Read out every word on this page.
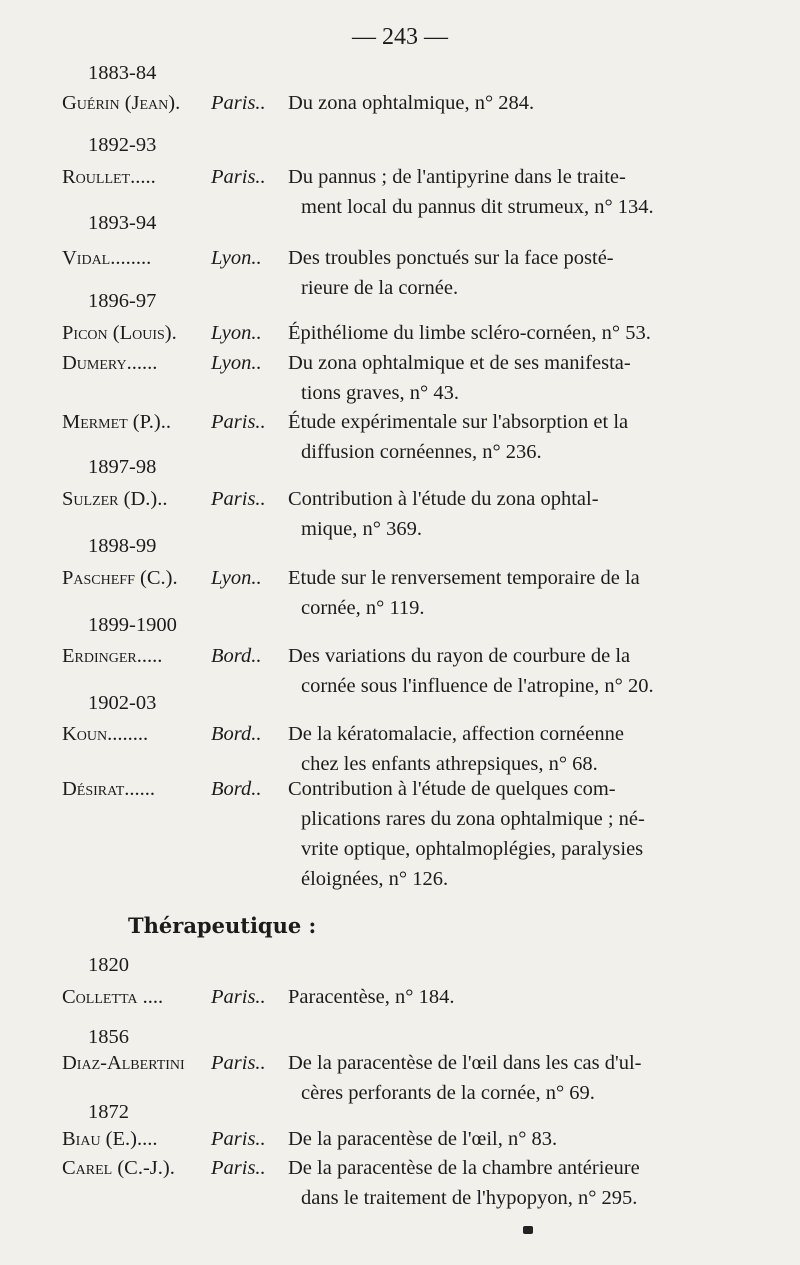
— 243 —
1883-84
Guérin (Jean). Paris.. Du zona ophtalmique, n° 284.
1892-93
Roullet.....	Paris.. Du pannus ; de l'antipyrine dans le traite-
ment local du pannus dit strumeux, n° 134.
1893-94
Vidal........	Lyon.. Des troubles ponctués sur la face posté-
rieure de la cornée.
1896-97
Picon (Louis). Lyon.. Épithéliome du limbe scléro-cornéen, n° 53.
Dumery......	Lyon.. Du zona ophtalmique et de ses manifesta-
tions graves, n° 43.
Mermet (P.).. Paris.. Étude expérimentale sur l'absorption et la
diffusion cornéennes, n° 236.
1897-98
Sulzer (D.).. Paris.. Contribution à l'étude du zona ophtal-
mique, n° 369.
1898-99
Pascheff (C.). Lyon.. Etude sur le renversement temporaire de la
cornée, n° 119.
1899-1900
Erdinger..... Bord.. Des variations du rayon de courbure de la
cornée sous l'influence de l'atropine, n° 20.
1902-03
Koun........	Bord.. De la kératomalacie, affection cornéenne
chez les enfants athrepsiques, n° 68.
Désirat......	Bord.. Contribution à l'étude de quelques com-
plications rares du zona ophtalmique ; né-
vrite optique, ophtalmoplégies, paralysies
éloignées, n° 126.
Thérapeutique :
1820
Colletta .... Paris.. Paracentèse, n° 184.
1856
Diaz-Albertini Paris.. De la paracentèse de l'œil dans les cas d'ul-
cères perforants de la cornée, n° 69.
1872
Biau (E.)....	Paris.. De la paracentèse de l'œil, n° 83.
Carel (C.-J.). Paris.. De la paracentèse de la chambre antérieure
dans le traitement de l'hypopyon, n° 295.
